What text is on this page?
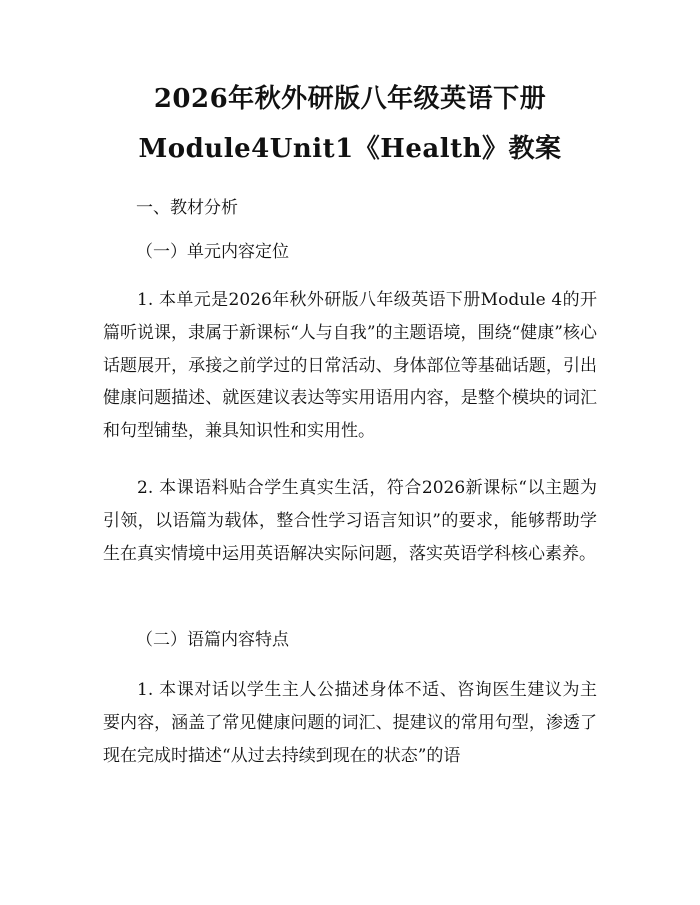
2026年秋外研版八年级英语下册
Module4Unit1《Health》教案
一、教材分析
（一）单元内容定位
1. 本单元是2026年秋外研版八年级英语下册Module 4的开篇听说课，隶属于新课标“人与自我”的主题语境，围绕“健康”核心话题展开，承接之前学过的日常活动、身体部位等基础话题，引出健康问题描述、就医建议表达等实用语用内容，是整个模块的词汇和句型铺垫，兼具知识性和实用性。
2. 本课语料贴合学生真实生活，符合2026新课标“以主题为引领，以语篇为载体，整合性学习语言知识”的要求，能够帮助学生在真实情境中运用英语解决实际问题，落实英语学科核心素养。
（二）语篇内容特点
1. 本课对话以学生主人公描述身体不适、咨询医生建议为主要内容，涵盖了常见健康问题的词汇、提建议的常用句型，渗透了现在完成时描述“从过去持续到现在的状态”的语
